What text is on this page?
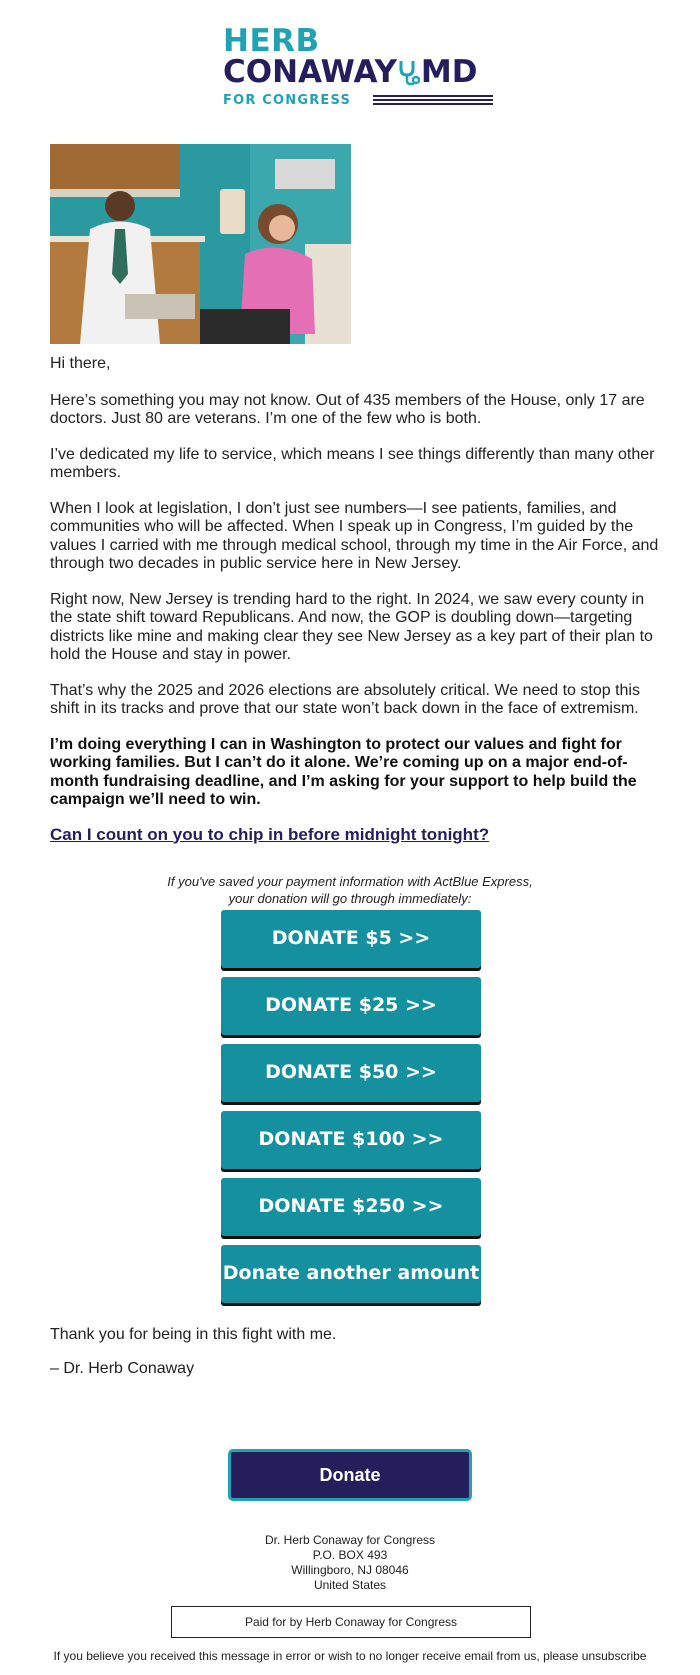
HERB
CONAWAY MD
FOR CONGRESS

Hi there,

Here’s something you may not know. Out of 435 members of the House, only 17 are doctors. Just 80 are veterans. I’m one of the few who is both.

I’ve dedicated my life to service, which means I see things differently than many other members.

When I look at legislation, I don’t just see numbers—I see patients, families, and communities who will be affected. When I speak up in Congress, I’m guided by the values I carried with me through medical school, through my time in the Air Force, and through two decades in public service here in New Jersey.

Right now, New Jersey is trending hard to the right. In 2024, we saw every county in the state shift toward Republicans. And now, the GOP is doubling down—targeting districts like mine and making clear they see New Jersey as a key part of their plan to hold the House and stay in power.

That’s why the 2025 and 2026 elections are absolutely critical. We need to stop this shift in its tracks and prove that our state won’t back down in the face of extremism.

I’m doing everything I can in Washington to protect our values and fight for working families. But I can’t do it alone. We’re coming up on a major end-of-month fundraising deadline, and I’m asking for your support to help build the campaign we’ll need to win.

Can I count on you to chip in before midnight tonight?
If you've saved your payment information with ActBlue Express,
your donation will go through immediately:
DONATE $5 >>
DONATE $25 >>
DONATE $50 >>
DONATE $100 >>
DONATE $250 >>
Donate another amount
Thank you for being in this fight with me.
– Dr. Herb Conaway
Donate
Dr. Herb Conaway for Congress
P.O. BOX 493
Willingboro, NJ 08046
United States
Paid for by Herb Conaway for Congress
If you believe you received this message in error or wish to no longer receive email from us, please unsubscribe
